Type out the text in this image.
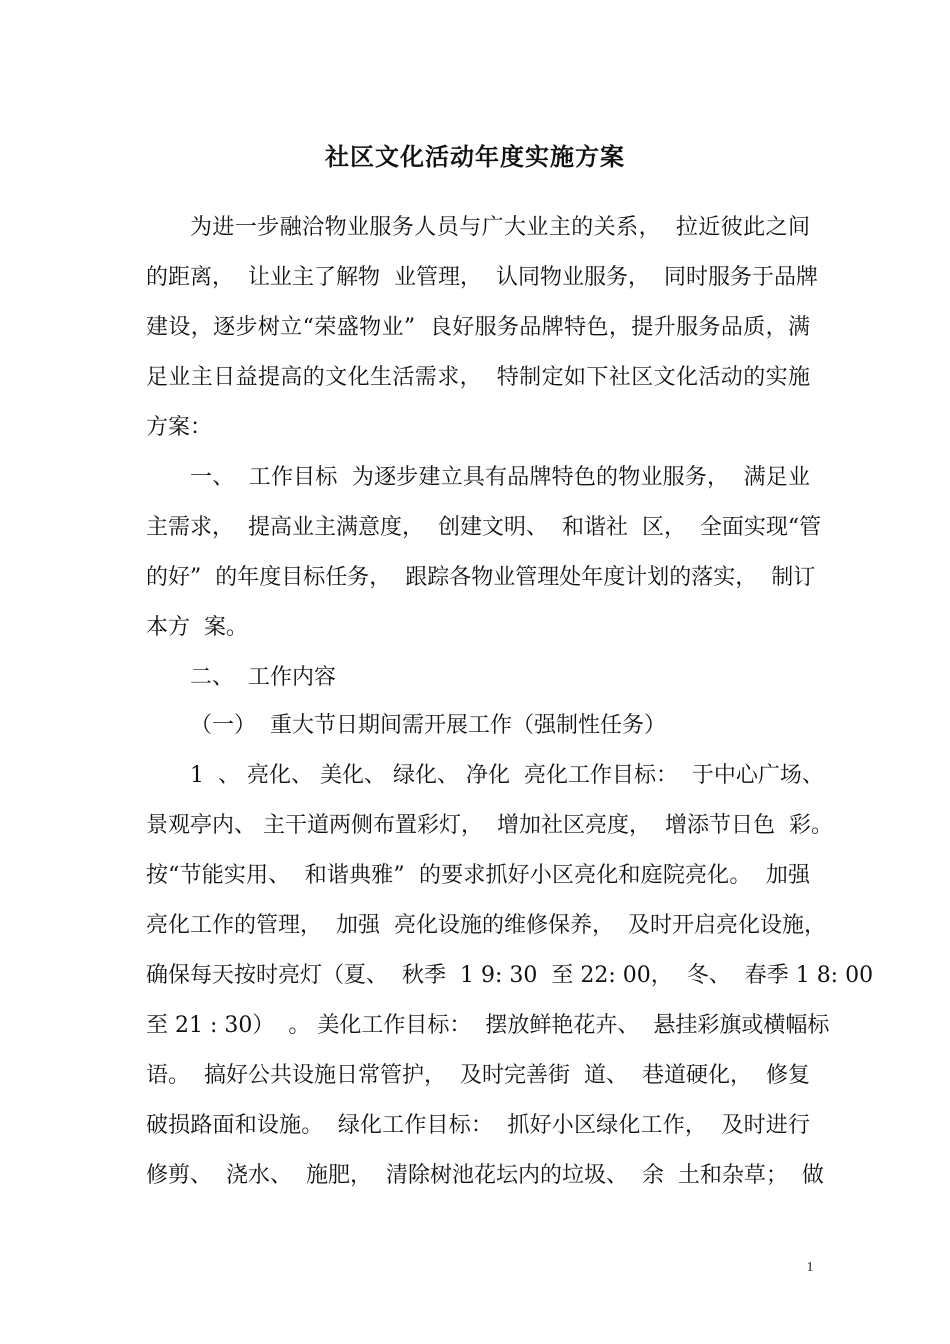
社区文化活动年度实施方案
为进一步融洽物业服务人员与广大业主的关系，  拉近彼此之间
的距离，  让业主了解物  业管理，  认同物业服务，  同时服务于品牌
建设，逐步树立“荣盛物业”  良好服务品牌特色，提升服务品质，满
足业主日益提高的文化生活需求，  特制定如下社区文化活动的实施
方案：
一、  工作目标  为逐步建立具有品牌特色的物业服务，  满足业
主需求，  提高业主满意度，  创建文明、  和谐社  区，  全面实现“管
的好”  的年度目标任务，  跟踪各物业管理处年度计划的落实，  制订
本方  案。
二、  工作内容
（一）  重大节日期间需开展工作（强制性任务）
1  、 亮化、 美化、 绿化、 净化  亮化工作目标：  于中心广场、
景观亭内、 主干道两侧布置彩灯，  增加社区亮度，  增添节日色  彩。
按“节能实用、  和谐典雅”  的要求抓好小区亮化和庭院亮化。  加强
亮化工作的管理，  加强  亮化设施的维修保养，  及时开启亮化设施，
确保每天按时亮灯（夏、  秋季  1 9: 30  至 22: 00，  冬、  春季 1 8: 00
至 21 : 30）  。 美化工作目标：  摆放鲜艳花卉、  悬挂彩旗或横幅标
语。  搞好公共设施日常管护，  及时完善街  道、  巷道硬化，  修复
破损路面和设施。  绿化工作目标：  抓好小区绿化工作，  及时进行
修剪、  浇水、  施肥，  清除树池花坛内的垃圾、  余  土和杂草；  做
1
